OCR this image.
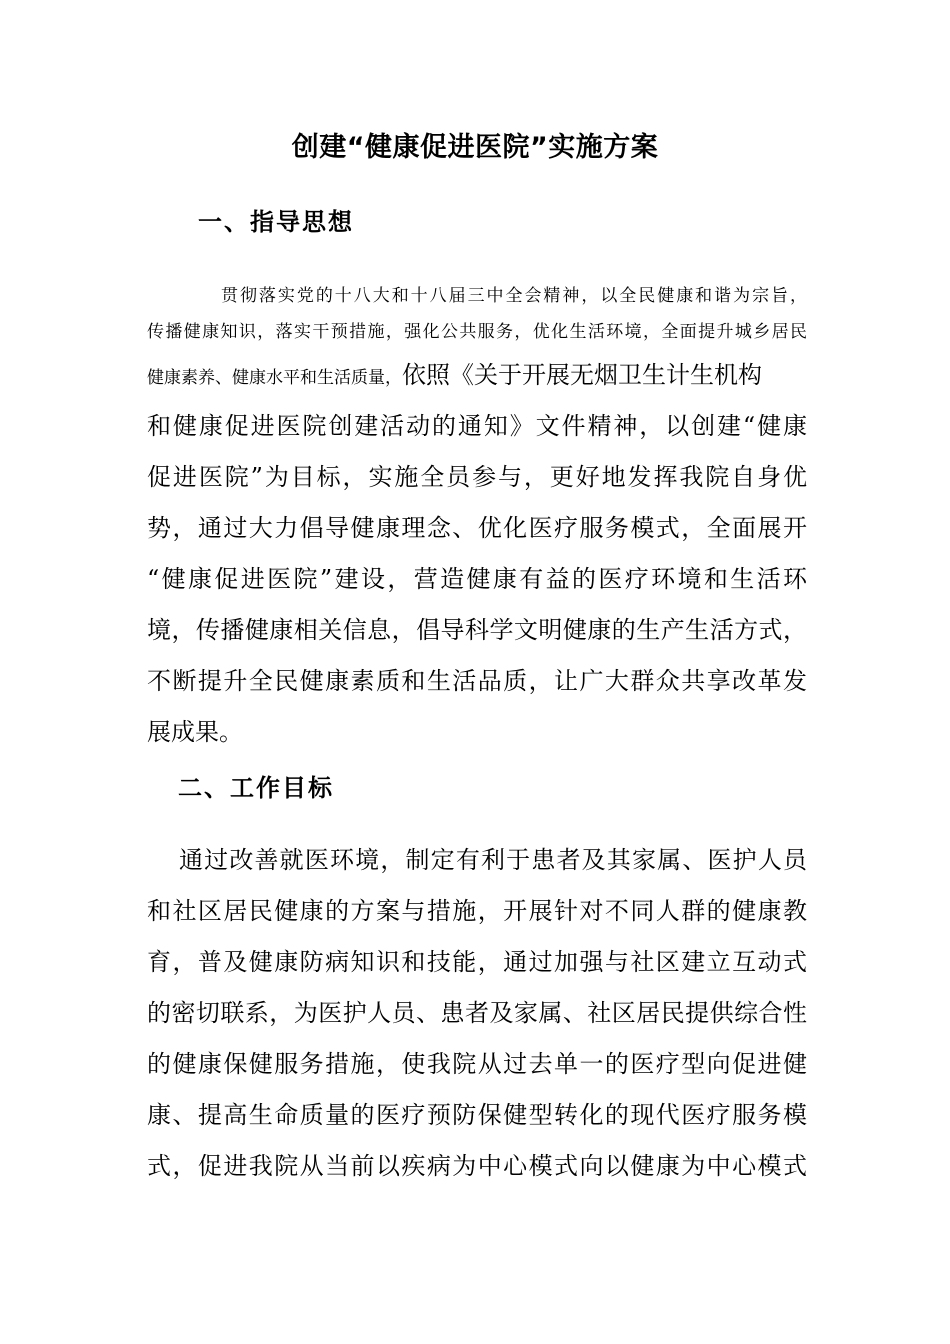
创建“健康促进医院”实施方案
一、指导思想
贯彻落实党的十八大和十八届三中全会精神，以全民健康和谐为宗旨，
传播健康知识，落实干预措施，强化公共服务，优化生活环境，全面提升城乡居民
健康素养、健康水平和生活质量，依照《关于开展无烟卫生计生机构
和健康促进医院创建活动的通知》文件精神，以创建“健康
促进医院”为目标，实施全员参与，更好地发挥我院自身优
势，通过大力倡导健康理念、优化医疗服务模式，全面展开
“健康促进医院”建设，营造健康有益的医疗环境和生活环
境，传播健康相关信息，倡导科学文明健康的生产生活方式，
不断提升全民健康素质和生活品质，让广大群众共享改革发
展成果。
二、工作目标
通过改善就医环境，制定有利于患者及其家属、医护人员
和社区居民健康的方案与措施，开展针对不同人群的健康教
育，普及健康防病知识和技能，通过加强与社区建立互动式
的密切联系，为医护人员、患者及家属、社区居民提供综合性
的健康保健服务措施，使我院从过去单一的医疗型向促进健
康、提高生命质量的医疗预防保健型转化的现代医疗服务模
式，促进我院从当前以疾病为中心模式向以健康为中心模式
